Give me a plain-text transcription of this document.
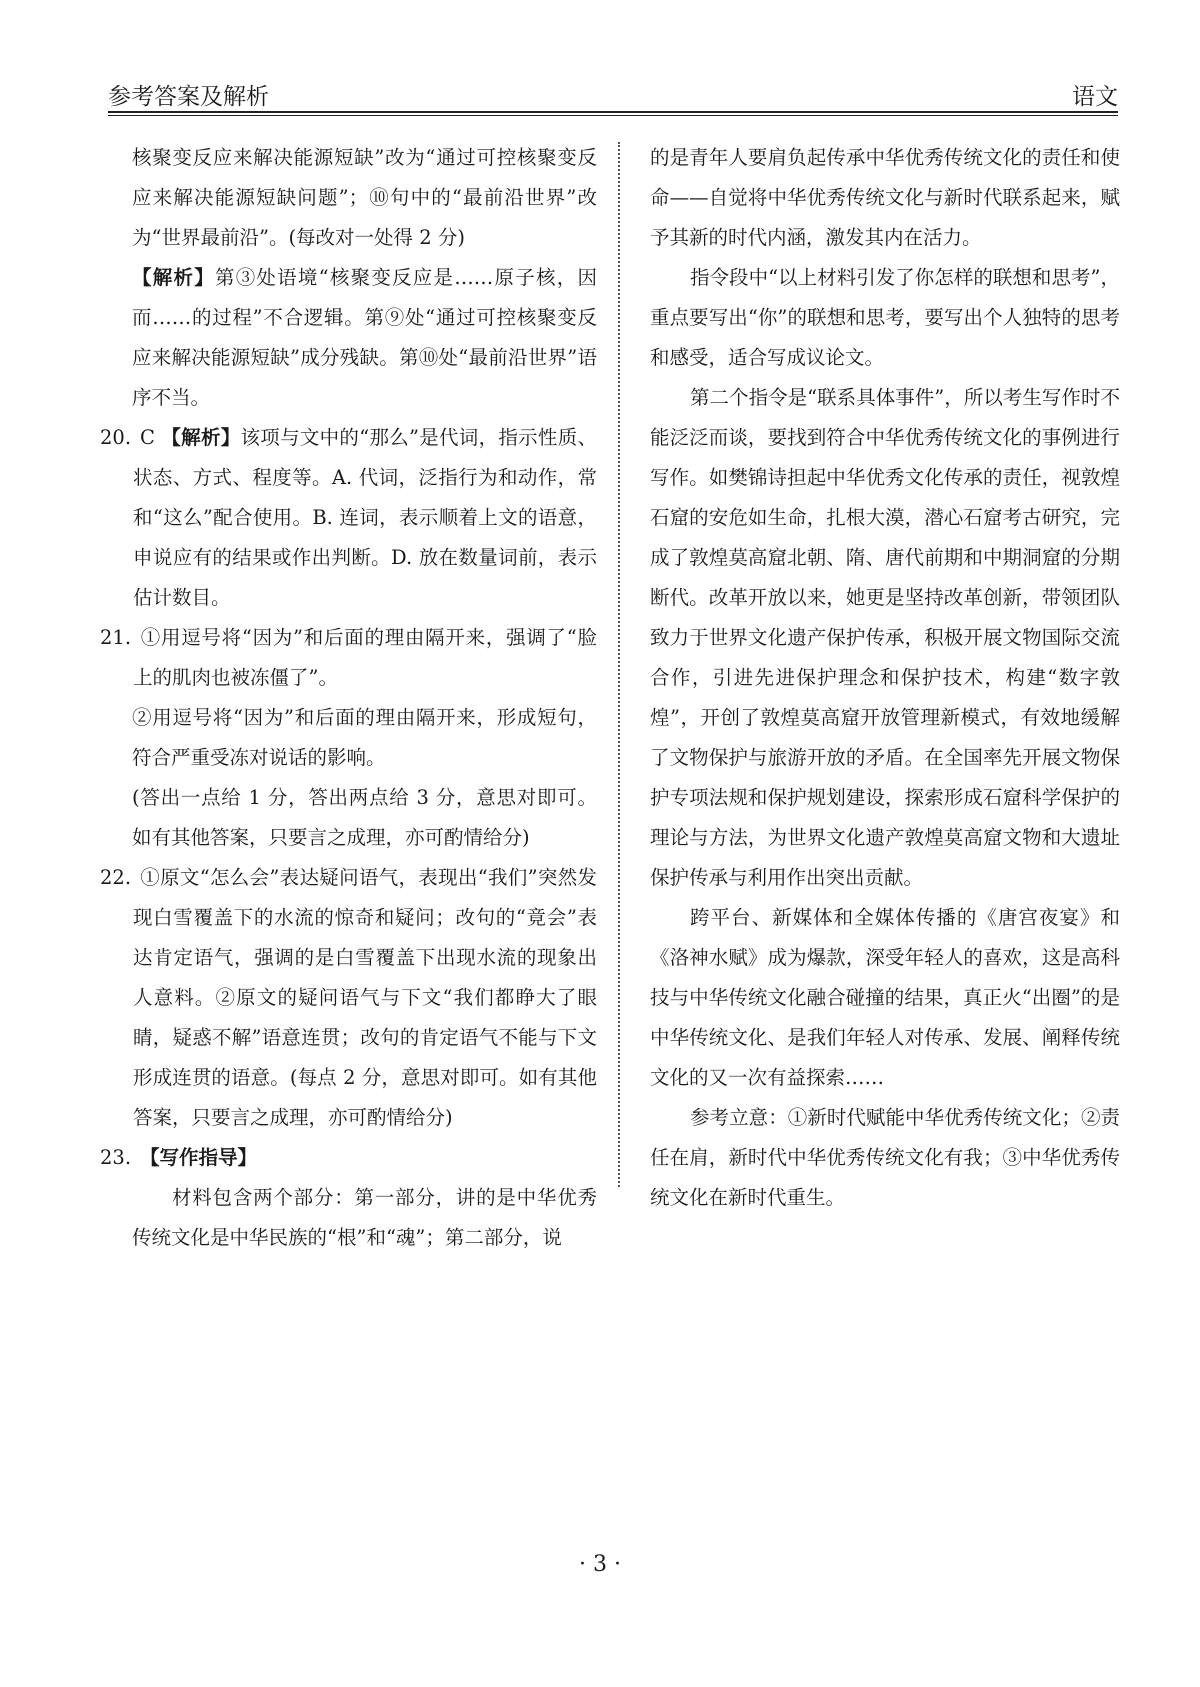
参考答案及解析	语文

核聚变反应来解决能源短缺”改为“通过可控核聚变反应来解决能源短缺问题”；⑩句中的“最前沿世界”改为“世界最前沿”。(每改对一处得 2 分)

【解析】第③处语境“核聚变反应是……原子核，因而……的过程”不合逻辑。第⑨处“通过可控核聚变反应来解决能源短缺”成分残缺。第⑩处“最前沿世界”语序不当。

20. C 【解析】该项与文中的“那么”是代词，指示性质、状态、方式、程度等。A. 代词，泛指行为和动作，常和“这么”配合使用。B. 连词，表示顺着上文的语意，申说应有的结果或作出判断。D. 放在数量词前，表示估计数目。

21. ①用逗号将“因为”和后面的理由隔开来，强调了“脸上的肌肉也被冻僵了”。

②用逗号将“因为”和后面的理由隔开来，形成短句，符合严重受冻对说话的影响。

(答出一点给 1 分，答出两点给 3 分，意思对即可。如有其他答案，只要言之成理，亦可酌情给分)

22. ①原文“怎么会”表达疑问语气，表现出“我们”突然发现白雪覆盖下的水流的惊奇和疑问；改句的“竟会”表达肯定语气，强调的是白雪覆盖下出现水流的现象出人意料。②原文的疑问语气与下文“我们都睁大了眼睛，疑惑不解”语意连贯；改句的肯定语气不能与下文形成连贯的语意。(每点 2 分，意思对即可。如有其他答案，只要言之成理，亦可酌情给分)

23. 【写作指导】

材料包含两个部分：第一部分，讲的是中华优秀传统文化是中华民族的“根”和“魂”；第二部分，说

的是青年人要肩负起传承中华优秀传统文化的责任和使命——自觉将中华优秀传统文化与新时代联系起来，赋予其新的时代内涵，激发其内在活力。

指令段中“以上材料引发了你怎样的联想和思考”，重点要写出“你”的联想和思考，要写出个人独特的思考和感受，适合写成议论文。

第二个指令是“联系具体事件”，所以考生写作时不能泛泛而谈，要找到符合中华优秀传统文化的事例进行写作。如樊锦诗担起中华优秀文化传承的责任，视敦煌石窟的安危如生命，扎根大漠，潜心石窟考古研究，完成了敦煌莫高窟北朝、隋、唐代前期和中期洞窟的分期断代。改革开放以来，她更是坚持改革创新，带领团队致力于世界文化遗产保护传承，积极开展文物国际交流合作，引进先进保护理念和保护技术，构建“数字敦煌”，开创了敦煌莫高窟开放管理新模式，有效地缓解了文物保护与旅游开放的矛盾。在全国率先开展文物保护专项法规和保护规划建设，探索形成石窟科学保护的理论与方法，为世界文化遗产敦煌莫高窟文物和大遗址保护传承与利用作出突出贡献。

跨平台、新媒体和全媒体传播的《唐宫夜宴》和《洛神水赋》成为爆款，深受年轻人的喜欢，这是高科技与中华传统文化融合碰撞的结果，真正火“出圈”的是中华传统文化、是我们年轻人对传承、发展、阐释传统文化的又一次有益探索……

参考立意：①新时代赋能中华优秀传统文化；②责任在肩，新时代中华优秀传统文化有我；③中华优秀传统文化在新时代重生。

· 3 ·
